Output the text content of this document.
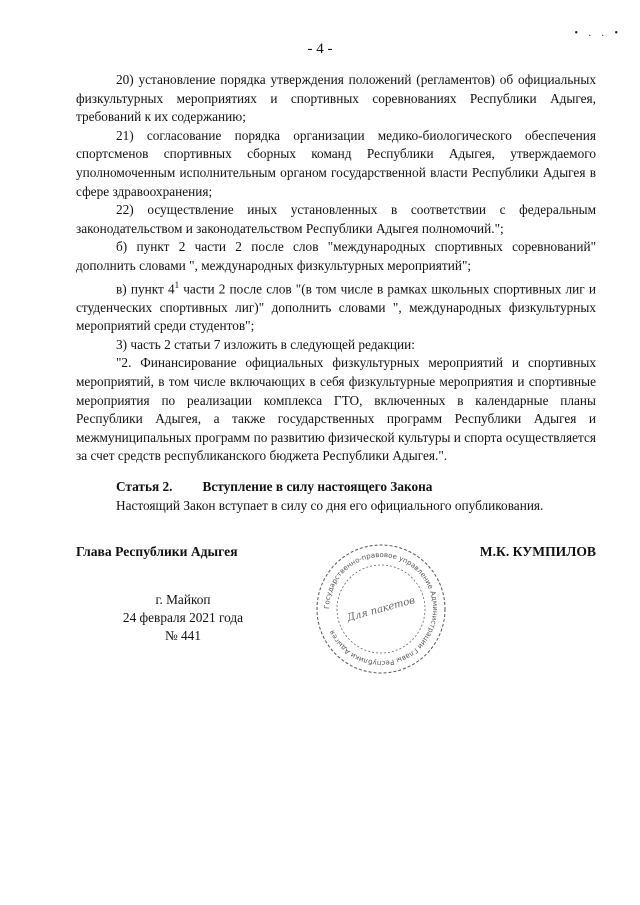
- 4 -
• . . •

20) установление порядка утверждения положений (регламентов) об официальных физкультурных мероприятиях и спортивных соревнованиях Республики Адыгея, требований к их содержанию;

21) согласование порядка организации медико-биологического обеспечения спортсменов спортивных сборных команд Республики Адыгея, утверждаемого уполномоченным исполнительным органом государственной власти Республики Адыгея в сфере здравоохранения;

22) осуществление иных установленных в соответствии с федеральным законодательством и законодательством Республики Адыгея полномочий.";

б) пункт 2 части 2 после слов "международных спортивных соревнований" дополнить словами ", международных физкультурных мероприятий";

в) пункт $4^1$ части 2 после слов "(в том числе в рамках школьных спортивных лиг и студенческих спортивных лиг)" дополнить словами ", международных физкультурных мероприятий среди студентов";

3) часть 2 статьи 7 изложить в следующей редакции:

"2. Финансирование официальных физкультурных мероприятий и спортивных мероприятий, в том числе включающих в себя физкультурные мероприятия и спортивные мероприятия по реализации комплекса ГТО, включенных в календарные планы Республики Адыгея, а также государственных программ Республики Адыгея и межмуниципальных программ по развитию физической культуры и спорта осуществляется за счет средств республиканского бюджета Республики Адыгея.".

Статья 2. Вступление в силу настоящего Закона

Настоящий Закон вступает в силу со дня его официального опубликования.

Глава Республики Адыгея	М.К. КУМПИЛОВ
г. Майкоп
24 февраля 2021 года
№ 441
Государственно-правовое управление Администрации Главы Республики Адыгея
Для пакетов
